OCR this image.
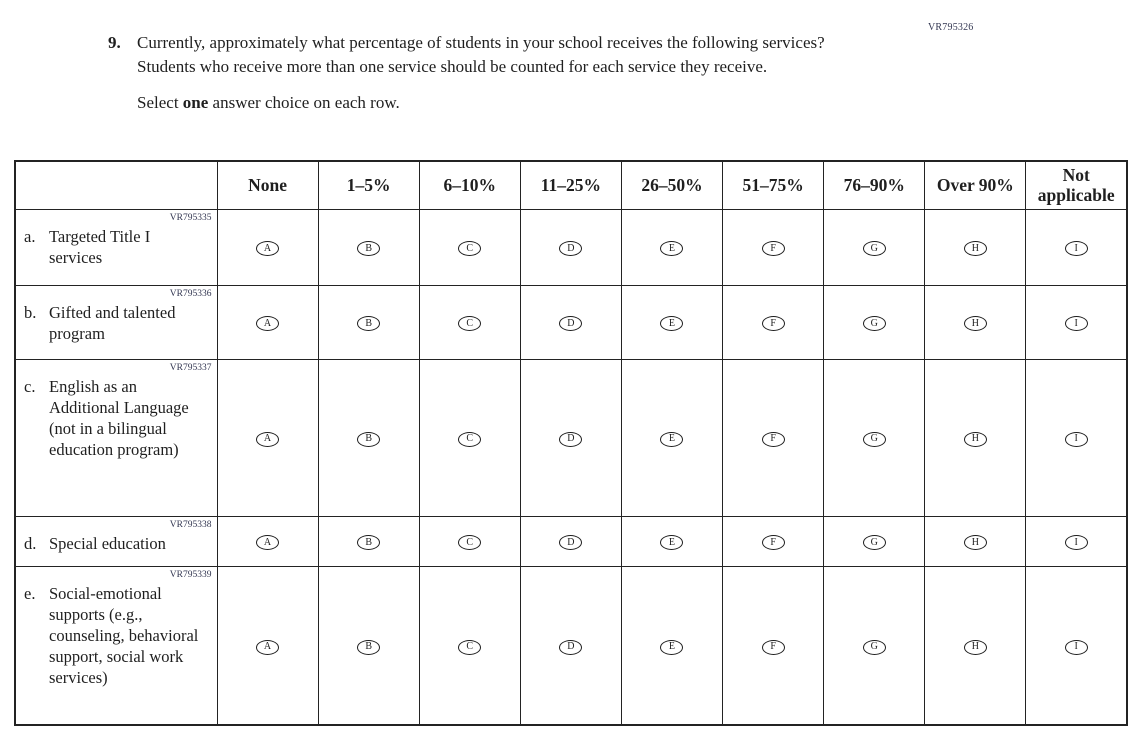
VR795326
9. Currently, approximately what percentage of students in your school receives the following services? Students who receive more than one service should be counted for each service they receive.

Select one answer choice on each row.

	None	1–5%	6–10%	11–25%	26–50%	51–75%	76–90%	Over 90%	Not applicable

VR795335
a. Targeted Title I services	A	B	C	D	E	F	G	H	I

VR795336
b. Gifted and talented program	A	B	C	D	E	F	G	H	I

VR795337
c. English as an Additional Language (not in a bilingual education program)	A	B	C	D	E	F	G	H	I

VR795338
d. Special education	A	B	C	D	E	F	G	H	I

VR795339
e. Social-emotional supports (e.g., counseling, behavioral support, social work services)	A	B	C	D	E	F	G	H	I
